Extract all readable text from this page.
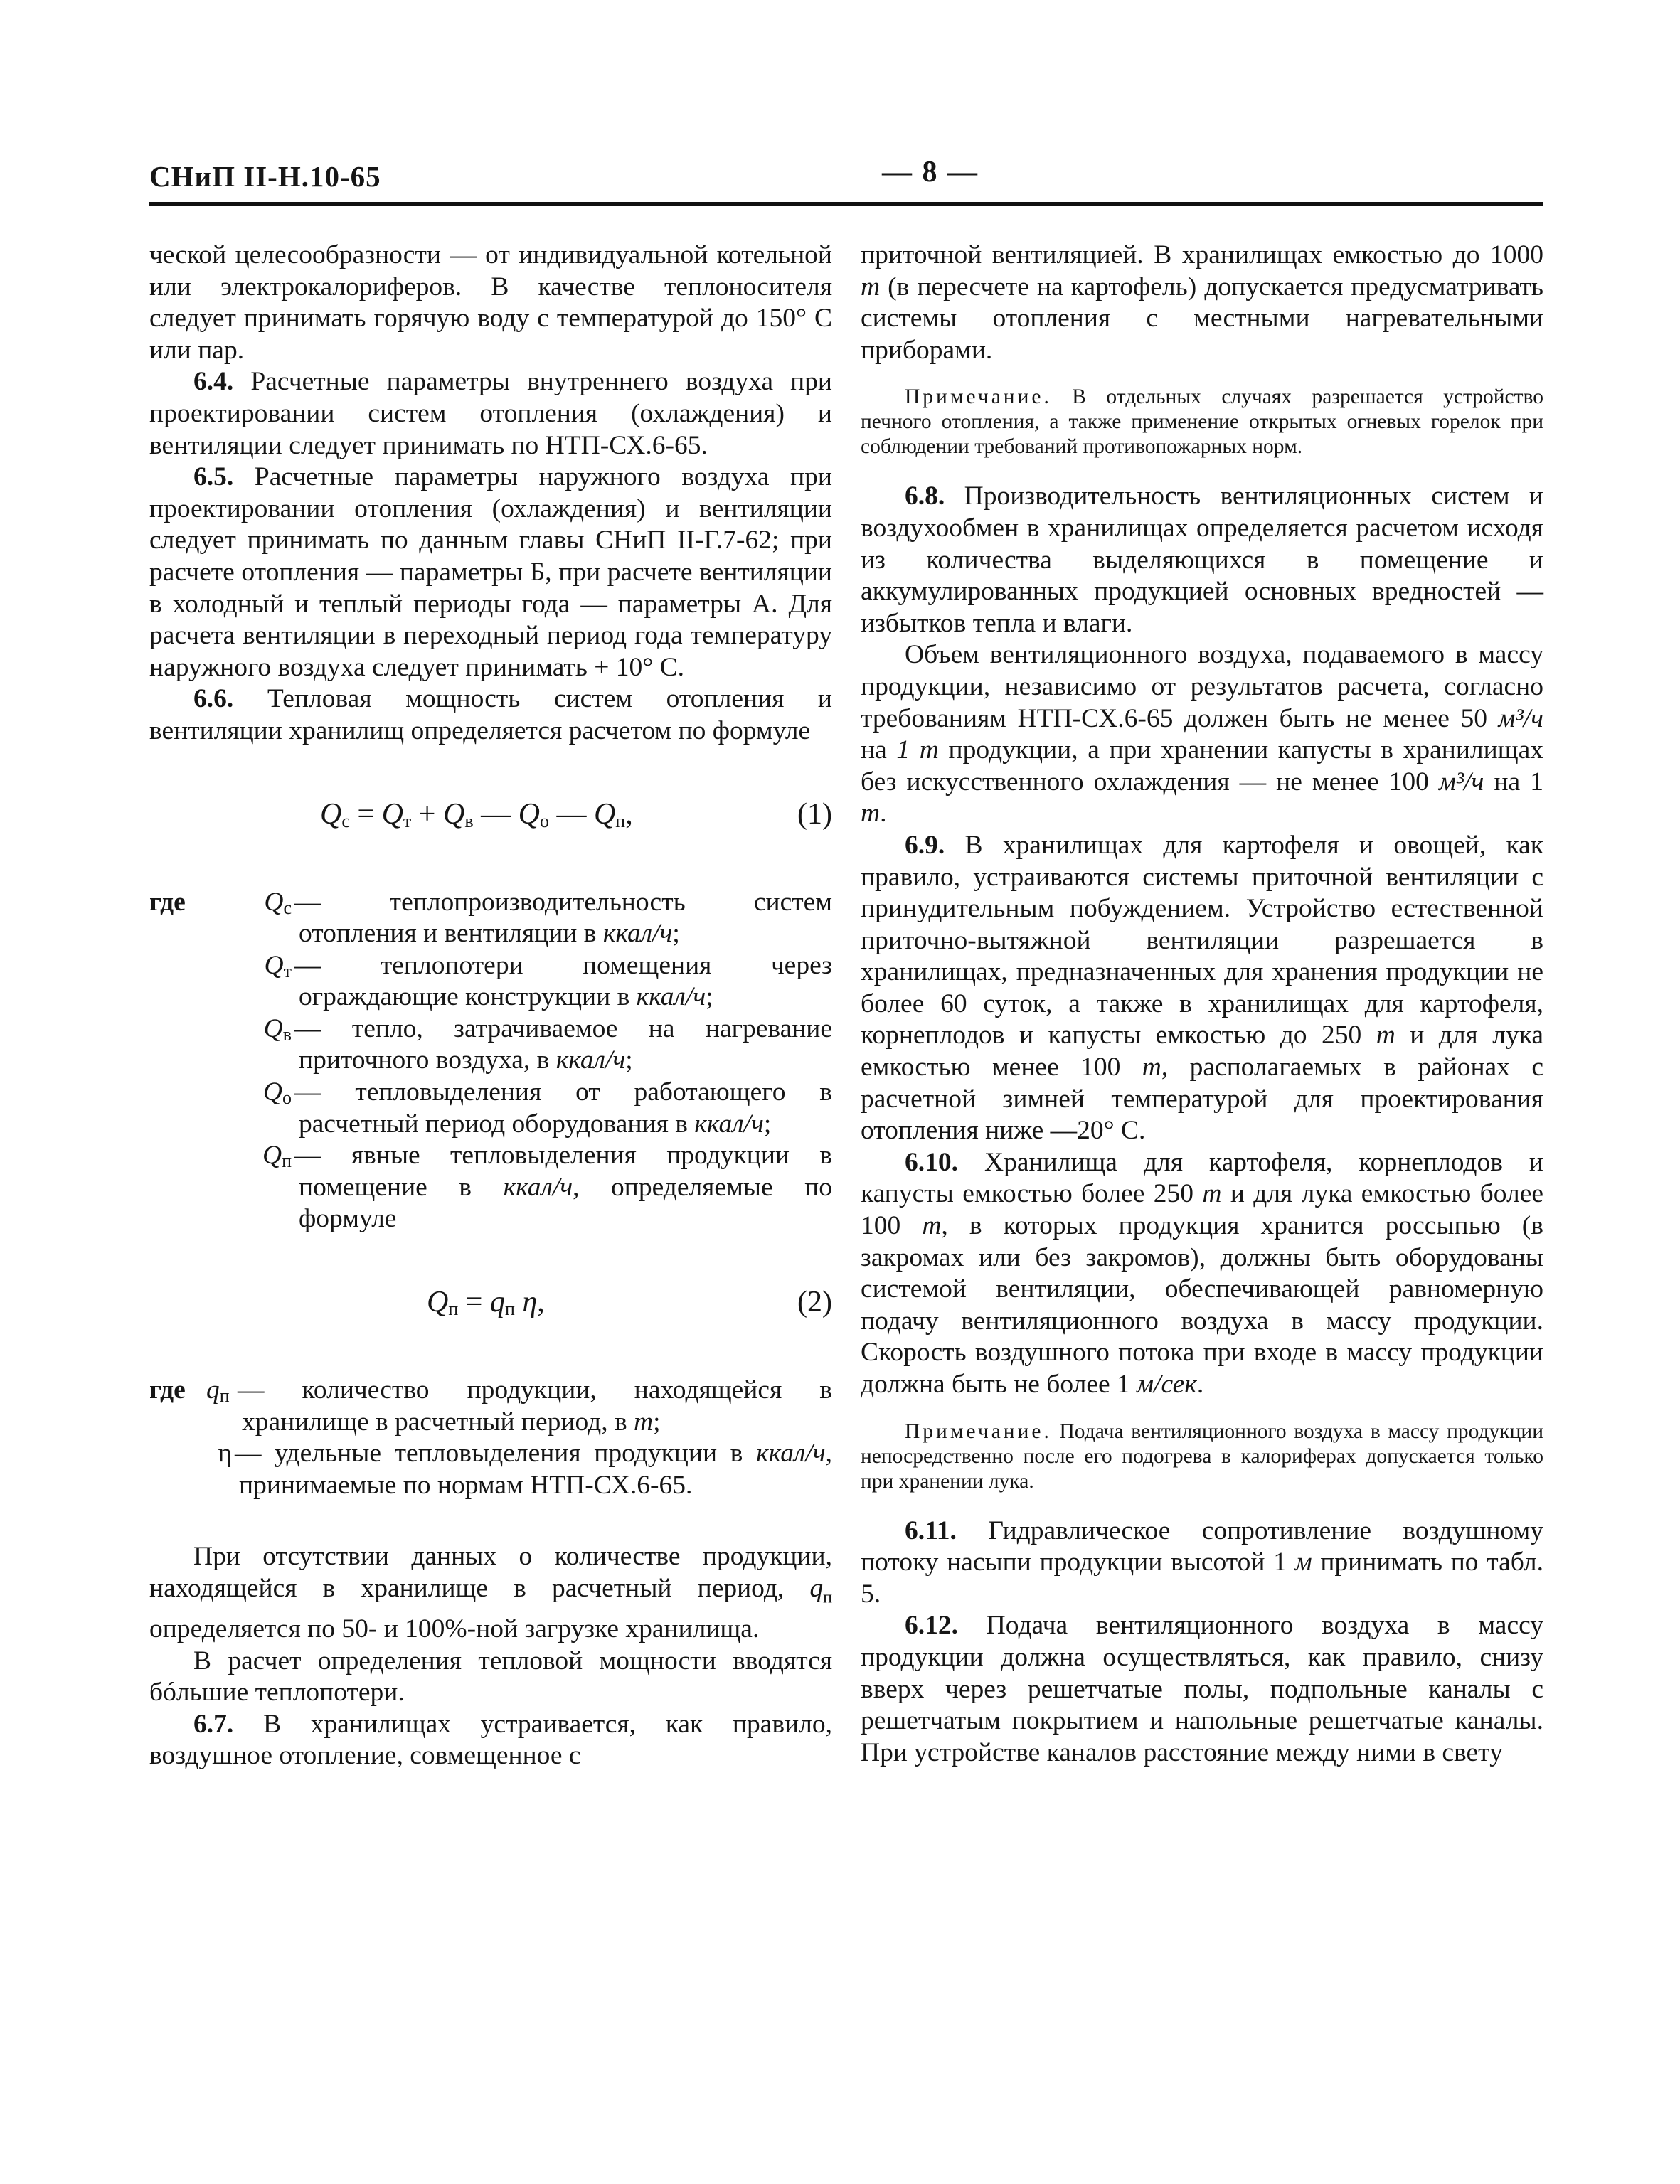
СНиП II-Н.10-65	— 8 —

ческой целесообразности — от индивидуальной котельной или электрокалориферов. В качестве теплоносителя следует принимать горячую воду с температурой до 150° С или пар.

6.4. Расчетные параметры внутреннего воздуха при проектировании систем отопления (охлаждения) и вентиляции следует принимать по НТП-СХ.6-65.

6.5. Расчетные параметры наружного воздуха при проектировании отопления (охлаждения) и вентиляции следует принимать по данным главы СНиП II-Г.7-62; при расчете отопления — параметры Б, при расчете вентиляции в холодный и теплый периоды года — параметры А. Для расчета вентиляции в переходный период года температуру наружного воздуха следует принимать + 10° С.

6.6. Тепловая мощность систем отопления и вентиляции хранилищ определяется расчетом по формуле

$Q_с = Q_т + Q_в$ — $Q_о$ — $Q_п$,	(1)
где	$Q_с$ — теплопроизводительность систем отопления и вентиляции в ккал/ч;
$Q_т$ — теплопотери помещения через ограждающие конструкции в ккал/ч;
$Q_в$ — тепло, затрачиваемое на нагревание приточного воздуха, в ккал/ч;
$Q_о$ — тепловыделения от работающего в расчетный период оборудования в ккал/ч;
$Q_п$ — явные тепловыделения продукции в помещение в ккал/ч, определяемые по формуле
$Q_п = q_п$ η,	(2)
где $q_п$ — количество продукции, находящейся в хранилище в расчетный период, в т;
η — удельные тепловыделения продукции в ккал/ч, принимаемые по нормам НТП-СХ.6-65.

При отсутствии данных о количестве продукции, находящейся в хранилище в расчетный период, $q_п$ определяется по 50- и 100%-ной загрузке хранилища.

В расчет определения тепловой мощности вводятся бóльшие теплопотери.

6.7. В хранилищах устраивается, как правило, воздушное отопление, совмещенное с

приточной вентиляцией. В хранилищах емкостью до 1000 т (в пересчете на картофель) допускается предусматривать системы отопления с местными нагревательными приборами.

Примечание. В отдельных случаях разрешается устройство печного отопления, а также применение открытых огневых горелок при соблюдении требований противопожарных норм.

6.8. Производительность вентиляционных систем и воздухообмен в хранилищах определяется расчетом исходя из количества выделяющихся в помещение и аккумулированных продукцией основных вредностей — избытков тепла и влаги.

Объем вентиляционного воздуха, подаваемого в массу продукции, независимо от результатов расчета, согласно требованиям НТП-СХ.6-65 должен быть не менее 50 м³/ч на 1 т продукции, а при хранении капусты в хранилищах без искусственного охлаждения — не менее 100 м³/ч на 1 т.

6.9. В хранилищах для картофеля и овощей, как правило, устраиваются системы приточной вентиляции с принудительным побуждением. Устройство естественной приточно-вытяжной вентиляции разрешается в хранилищах, предназначенных для хранения продукции не более 60 суток, а также в хранилищах для картофеля, корнеплодов и капусты емкостью до 250 т и для лука емкостью менее 100 т, располагаемых в районах с расчетной зимней температурой для проектирования отопления ниже —20° С.

6.10. Хранилища для картофеля, корнеплодов и капусты емкостью более 250 т и для лука емкостью более 100 т, в которых продукция хранится россыпью (в закромах или без закромов), должны быть оборудованы системой вентиляции, обеспечивающей равномерную подачу вентиляционного воздуха в массу продукции. Скорость воздушного потока при входе в массу продукции должна быть не более 1 м/сек.

Примечание. Подача вентиляционного воздуха в массу продукции непосредственно после его подогрева в калориферах допускается только при хранении лука.

6.11. Гидравлическое сопротивление воздушному потоку насыпи продукции высотой 1 м принимать по табл. 5.

6.12. Подача вентиляционного воздуха в массу продукции должна осуществляться, как правило, снизу вверх через решетчатые полы, подпольные каналы с решетчатым покрытием и напольные решетчатые каналы. При устройстве каналов расстояние между ними в свету
